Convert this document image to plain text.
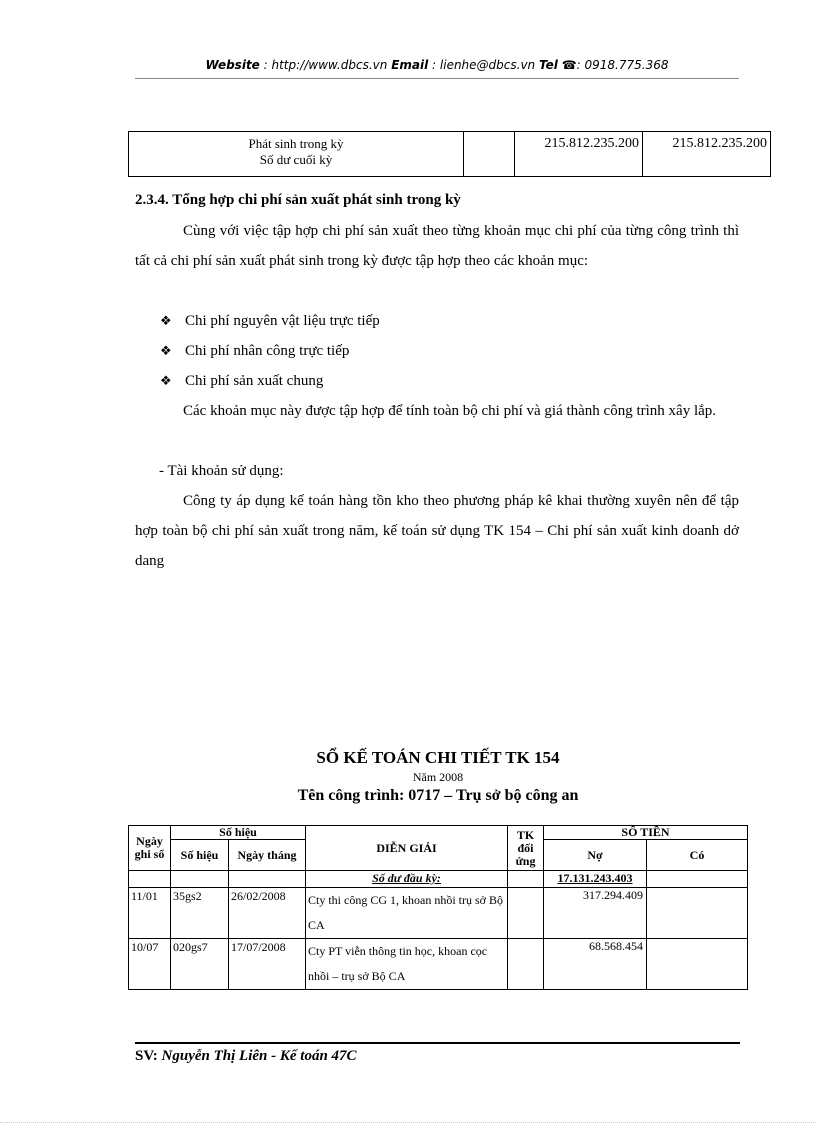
Website : http://www.dbcs.vn Email : lienhe@dbcs.vn Tel ☎: 0918.775.368
Phát sinh trong kỳ
Số dư cuối kỳ
		215.812.235.200	215.812.235.200
2.3.4. Tổng hợp chi phí sản xuất phát sinh trong kỳ
Cùng với việc tập hợp chi phí sản xuất theo từng khoản mục chi phí của từng công trình thì tất cả chi phí sản xuất phát sinh trong kỳ được tập hợp theo các khoản mục:
❖ Chi phí nguyên vật liệu trực tiếp
❖ Chi phí nhân công trực tiếp
❖ Chi phí sản xuất chung
Các khoản mục này được tập hợp để tính toàn bộ chi phí và giá thành công trình xây lắp.
- Tài khoản sử dụng:
Công ty áp dụng kế toán hàng tồn kho theo phương pháp kê khai thường xuyên nên để tập hợp toàn bộ chi phí sản xuất trong năm, kế toán sử dụng TK 154 – Chi phí sản xuất kinh doanh dở dang
SỔ KẾ TOÁN CHI TIẾT TK 154
Năm 2008
Tên công trình: 0717 – Trụ sở bộ công an
Ngày ghi sổ	Số hiệu		DIỄN GIẢI	TK đối ứng	SỐ TIỀN	
	Số hiệu	Ngày tháng			Nợ	Có
			Số dư đầu kỳ:		17.131.243.403	
11/01	35gs2	26/02/2008	Cty thi công CG 1, khoan nhồi trụ sở Bộ CA		317.294.409	
10/07	020gs7	17/07/2008	Cty PT viễn thông tin học, khoan cọc nhồi – trụ sở Bộ CA		68.568.454	
SV: Nguyễn Thị Liên - Kế toán 47C
